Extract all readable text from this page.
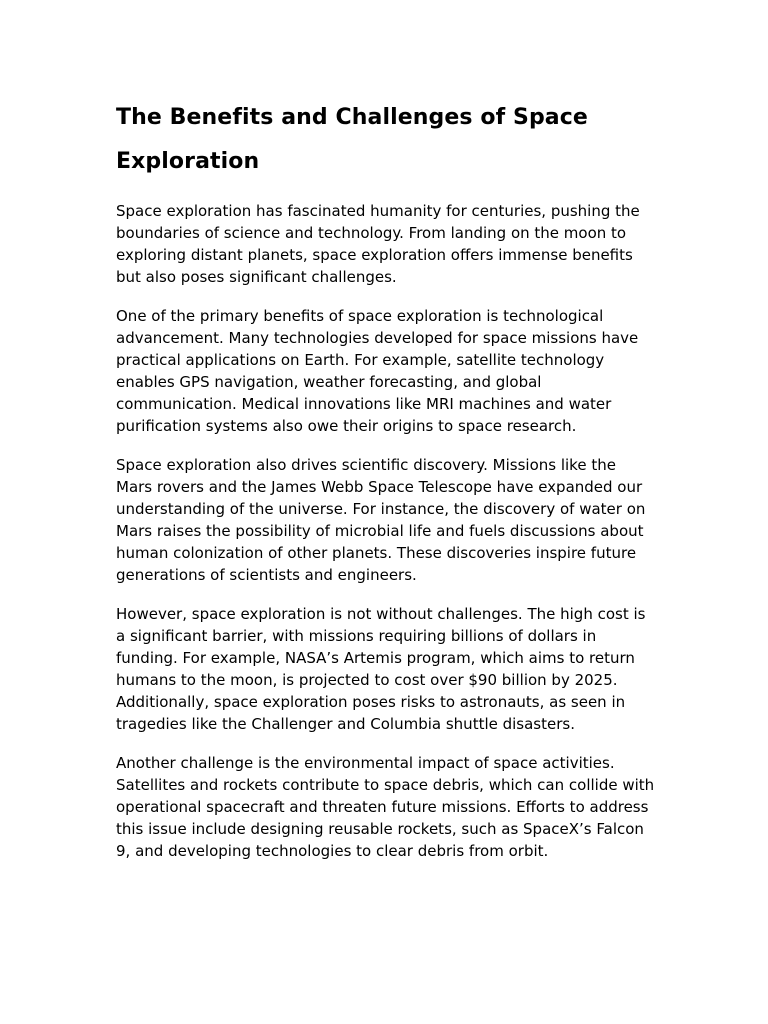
The Benefits and Challenges of Space Exploration

Space exploration has fascinated humanity for centuries, pushing the boundaries of science and technology. From landing on the moon to exploring distant planets, space exploration offers immense benefits but also poses significant challenges.

One of the primary benefits of space exploration is technological advancement. Many technologies developed for space missions have practical applications on Earth. For example, satellite technology enables GPS navigation, weather forecasting, and global communication. Medical innovations like MRI machines and water purification systems also owe their origins to space research.

Space exploration also drives scientific discovery. Missions like the Mars rovers and the James Webb Space Telescope have expanded our understanding of the universe. For instance, the discovery of water on Mars raises the possibility of microbial life and fuels discussions about human colonization of other planets. These discoveries inspire future generations of scientists and engineers.

However, space exploration is not without challenges. The high cost is a significant barrier, with missions requiring billions of dollars in funding. For example, NASA’s Artemis program, which aims to return humans to the moon, is projected to cost over $90 billion by 2025. Additionally, space exploration poses risks to astronauts, as seen in tragedies like the Challenger and Columbia shuttle disasters.

Another challenge is the environmental impact of space activities. Satellites and rockets contribute to space debris, which can collide with operational spacecraft and threaten future missions. Efforts to address this issue include designing reusable rockets, such as SpaceX’s Falcon 9, and developing technologies to clear debris from orbit.
